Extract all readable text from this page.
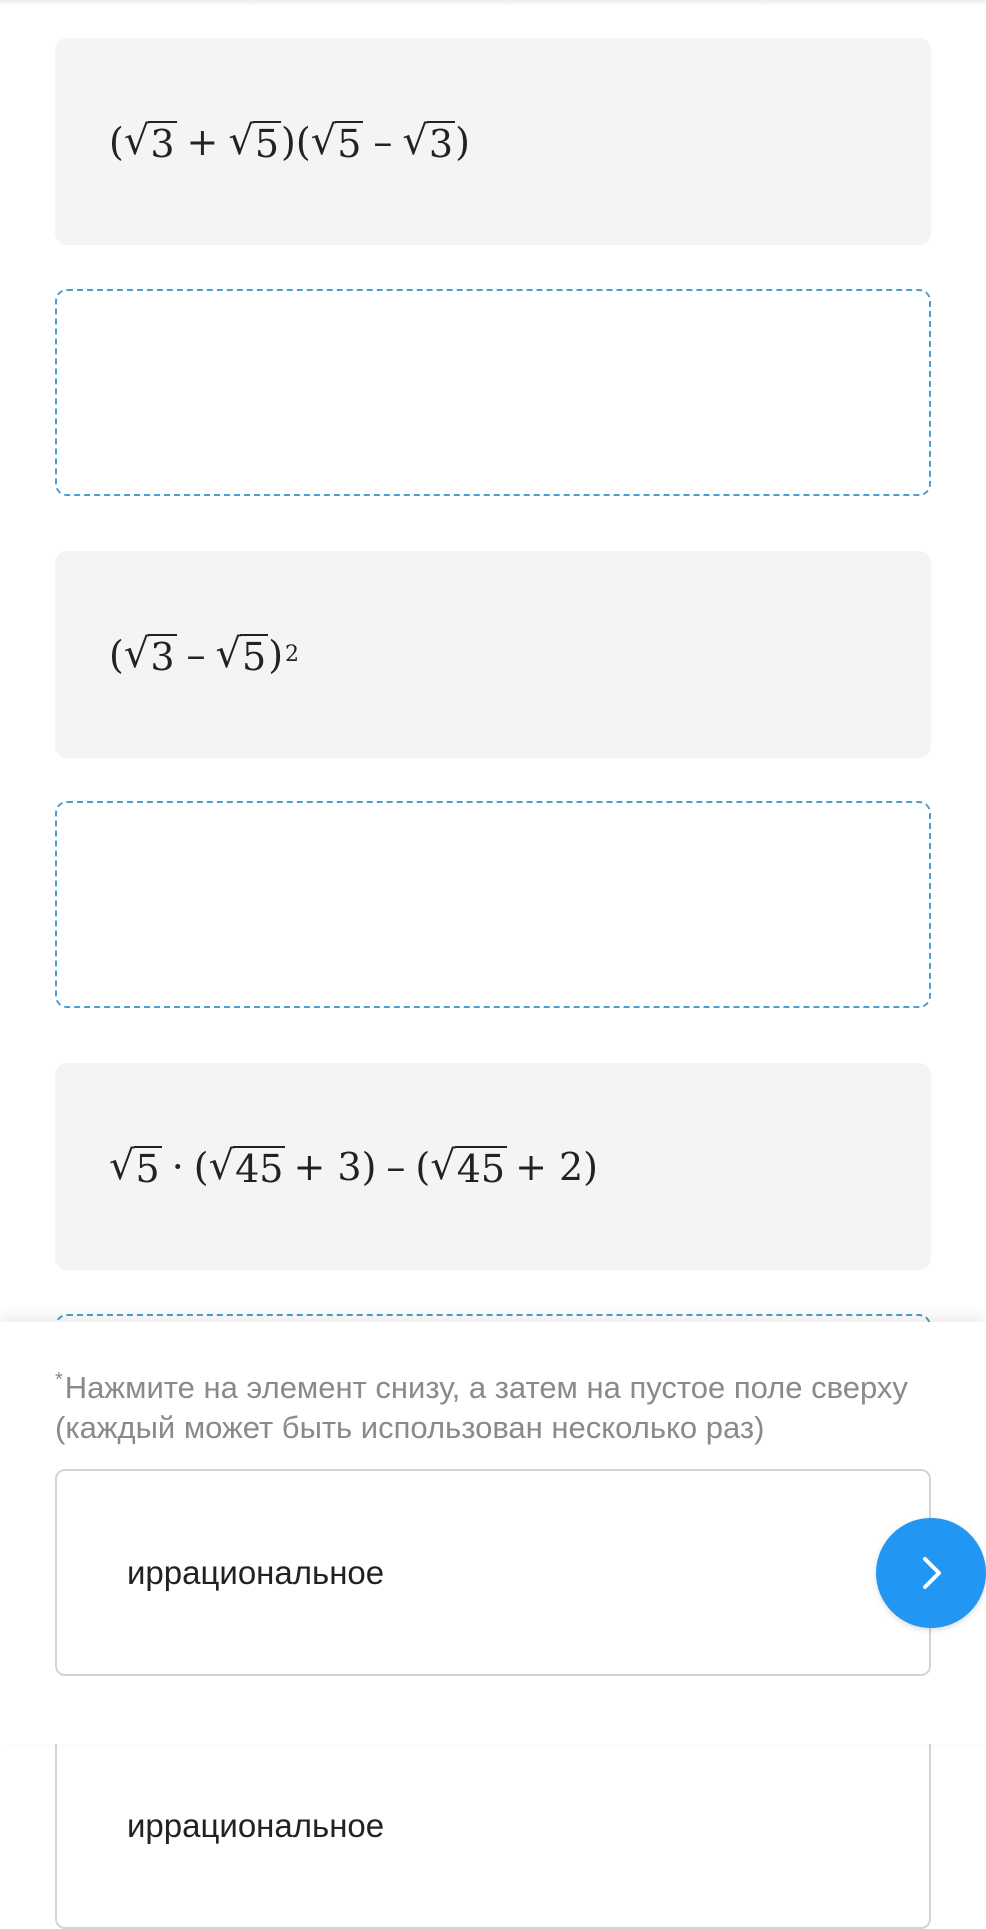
( √ 3 + √ 5 )( √ 5 – √ 3 )
( √ 3 – √ 5 ) 2
√ 5 · ( √ 45 + 3) – ( √ 45 + 2)
*Нажмите на элемент снизу, а затем на пустое поле сверху (каждый может быть использован несколько раз)
иррациональное
иррациональное
